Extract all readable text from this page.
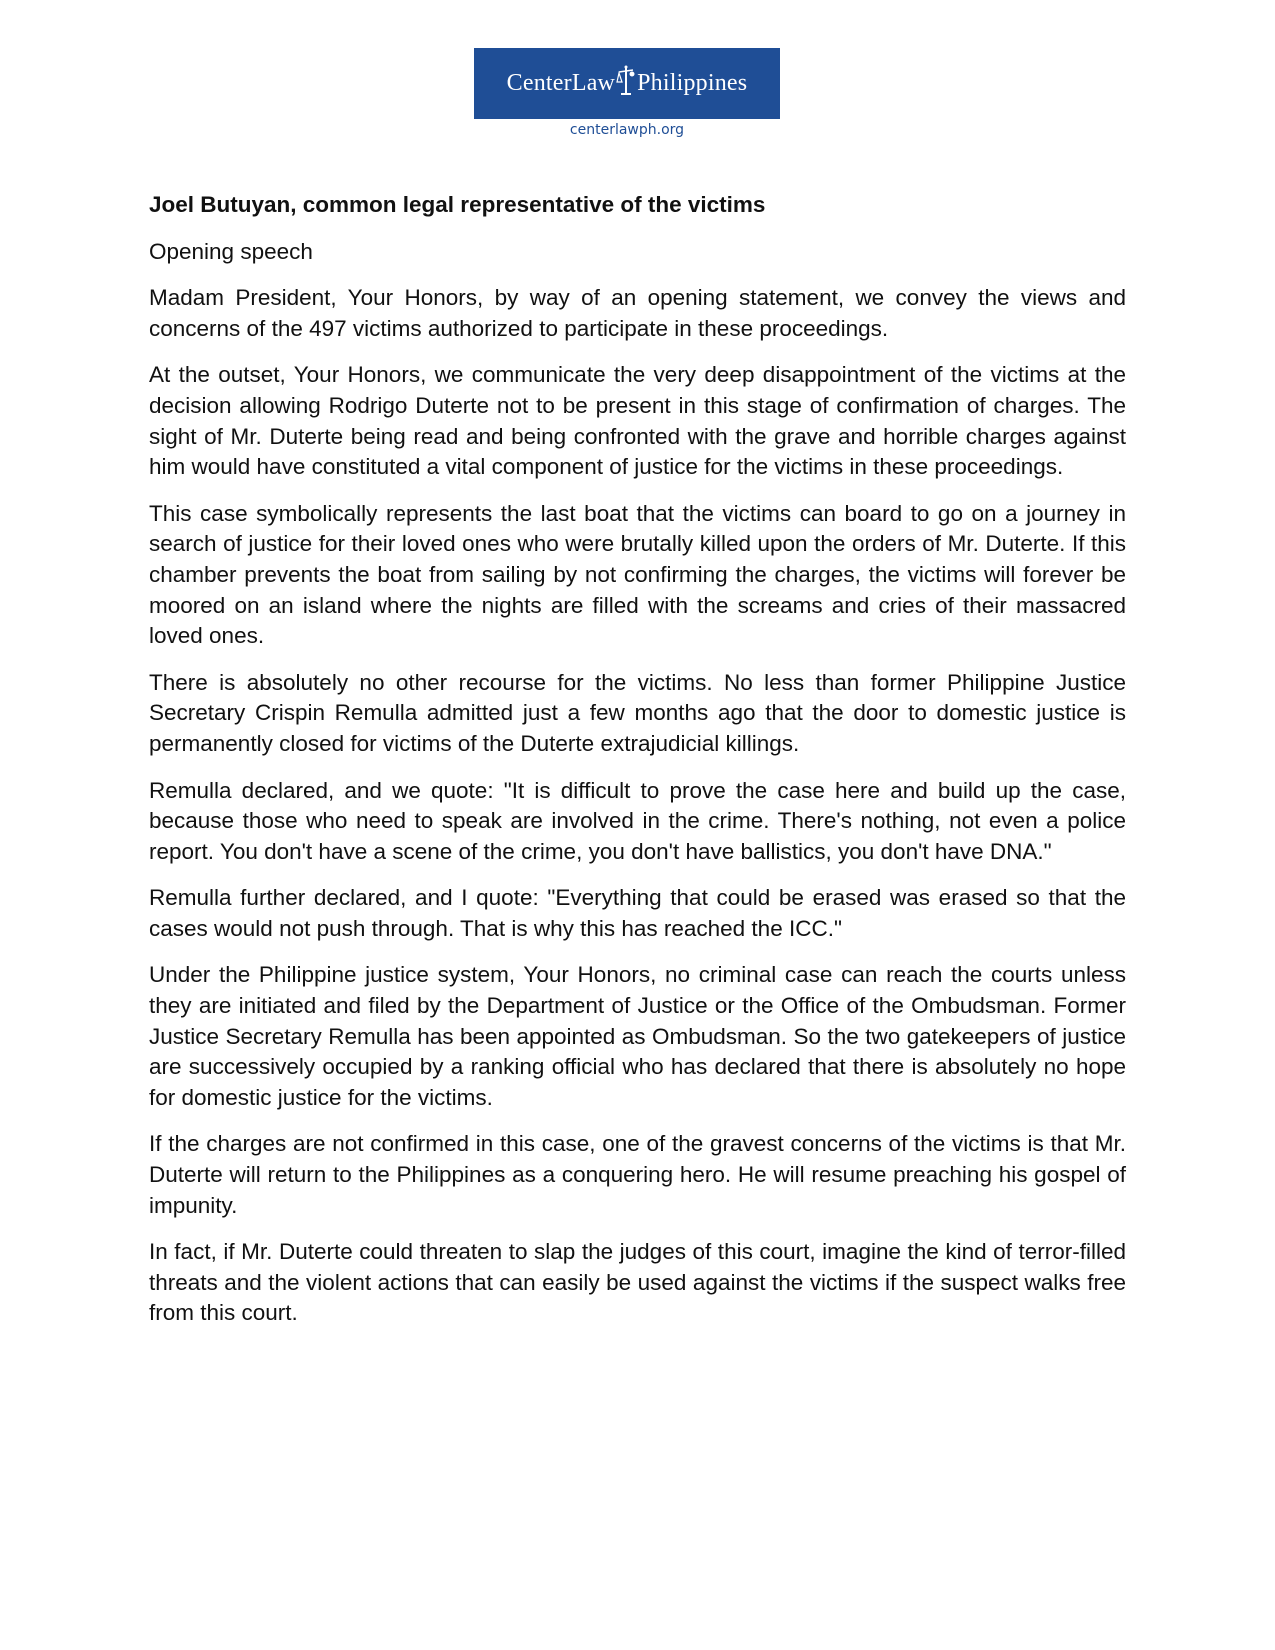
CenterLaw Philippines
centerlawph.org

Joel Butuyan, common legal representative of the victims

Opening speech

Madam President, Your Honors, by way of an opening statement, we convey the views and concerns of the 497 victims authorized to participate in these proceedings.

At the outset, Your Honors, we communicate the very deep disappointment of the victims at the decision allowing Rodrigo Duterte not to be present in this stage of confirmation of charges. The sight of Mr. Duterte being read and being confronted with the grave and horrible charges against him would have constituted a vital component of justice for the victims in these proceedings.

This case symbolically represents the last boat that the victims can board to go on a journey in search of justice for their loved ones who were brutally killed upon the orders of Mr. Duterte. If this chamber prevents the boat from sailing by not confirming the charges, the victims will forever be moored on an island where the nights are filled with the screams and cries of their massacred loved ones.

There is absolutely no other recourse for the victims. No less than former Philippine Justice Secretary Crispin Remulla admitted just a few months ago that the door to domestic justice is permanently closed for victims of the Duterte extrajudicial killings.

Remulla declared, and we quote: "It is difficult to prove the case here and build up the case, because those who need to speak are involved in the crime. There's nothing, not even a police report. You don't have a scene of the crime, you don't have ballistics, you don't have DNA."

Remulla further declared, and I quote: "Everything that could be erased was erased so that the cases would not push through. That is why this has reached the ICC."

Under the Philippine justice system, Your Honors, no criminal case can reach the courts unless they are initiated and filed by the Department of Justice or the Office of the Ombudsman. Former Justice Secretary Remulla has been appointed as Ombudsman. So the two gatekeepers of justice are successively occupied by a ranking official who has declared that there is absolutely no hope for domestic justice for the victims.

If the charges are not confirmed in this case, one of the gravest concerns of the victims is that Mr. Duterte will return to the Philippines as a conquering hero. He will resume preaching his gospel of impunity.

In fact, if Mr. Duterte could threaten to slap the judges of this court, imagine the kind of terror-filled threats and the violent actions that can easily be used against the victims if the suspect walks free from this court.
